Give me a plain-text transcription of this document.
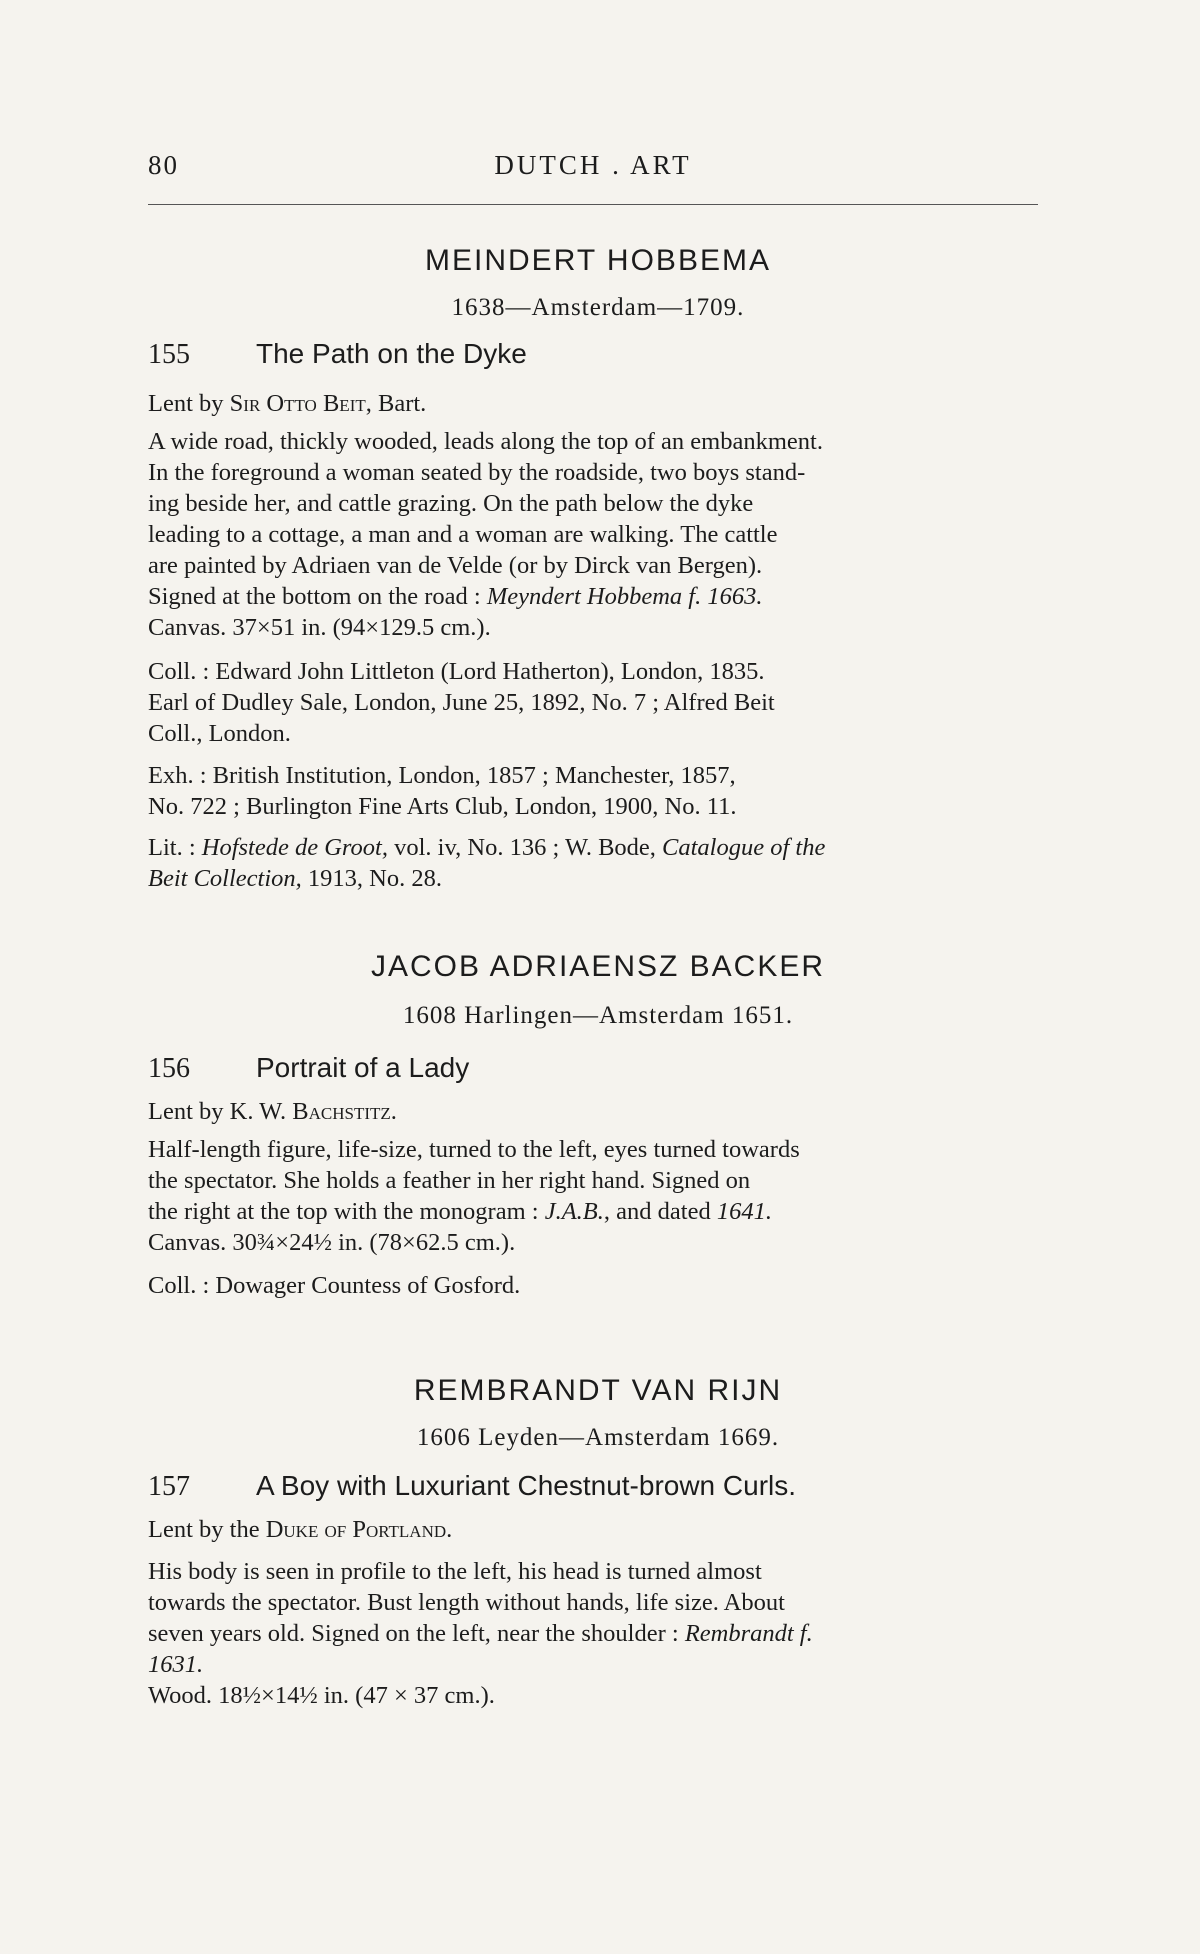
80	DUTCH . ART
MEINDERT HOBBEMA
1638—Amsterdam—1709.
155 The Path on the Dyke
Lent by Sir Otto Beit, Bart.
A wide road, thickly wooded, leads along the top of an embankment.
In the foreground a woman seated by the roadside, two boys stand-
ing beside her, and cattle grazing. On the path below the dyke
leading to a cottage, a man and a woman are walking. The cattle
are painted by Adriaen van de Velde (or by Dirck van Bergen).
Signed at the bottom on the road : Meyndert Hobbema f. 1663.
Canvas. 37×51 in. (94×129.5 cm.).
Coll. : Edward John Littleton (Lord Hatherton), London, 1835.
Earl of Dudley Sale, London, June 25, 1892, No. 7 ; Alfred Beit
Coll., London.
Exh. : British Institution, London, 1857 ; Manchester, 1857,
No. 722 ; Burlington Fine Arts Club, London, 1900, No. 11.
Lit. : Hofstede de Groot, vol. iv, No. 136 ; W. Bode, Catalogue of the
Beit Collection, 1913, No. 28.
JACOB ADRIAENSZ BACKER
1608 Harlingen—Amsterdam 1651.
156 Portrait of a Lady
Lent by K. W. Bachstitz.
Half-length figure, life-size, turned to the left, eyes turned towards
the spectator. She holds a feather in her right hand. Signed on
the right at the top with the monogram : J.A.B., and dated 1641.
Canvas. 30¾×24½ in. (78×62.5 cm.).
Coll. : Dowager Countess of Gosford.
REMBRANDT VAN RIJN
1606 Leyden—Amsterdam 1669.
157 A Boy with Luxuriant Chestnut-brown Curls.
Lent by the Duke of Portland.
His body is seen in profile to the left, his head is turned almost
towards the spectator. Bust length without hands, life size. About
seven years old. Signed on the left, near the shoulder : Rembrandt f.
1631.
Wood. 18½×14½ in. (47 × 37 cm.).
